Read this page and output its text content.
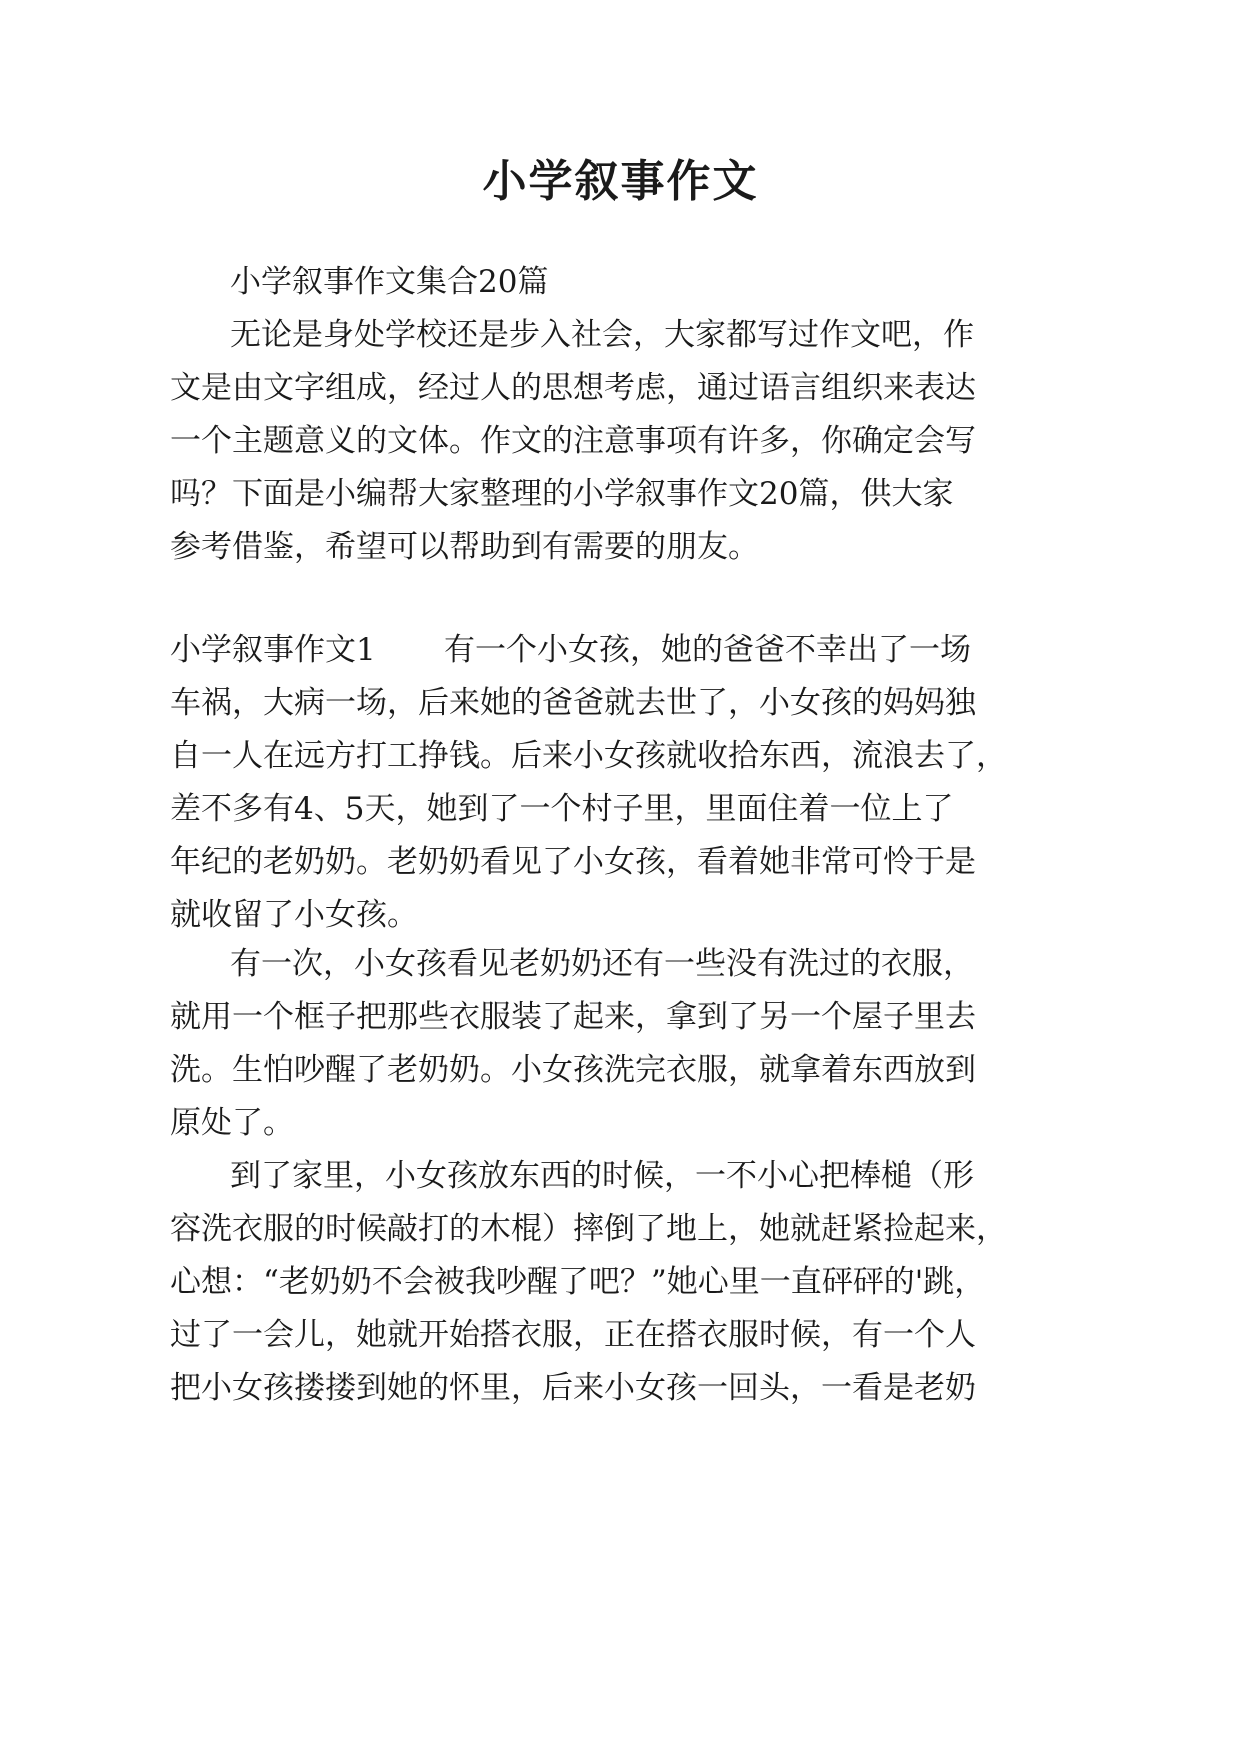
小学叙事作文
小学叙事作文集合20篇
无论是身处学校还是步入社会，大家都写过作文吧，作
文是由文字组成，经过人的思想考虑，通过语言组织来表达
一个主题意义的文体。作文的注意事项有许多，你确定会写
吗？下面是小编帮大家整理的小学叙事作文20篇，供大家
参考借鉴，希望可以帮助到有需要的朋友。
小学叙事作文1 有一个小女孩，她的爸爸不幸出了一场
车祸，大病一场，后来她的爸爸就去世了，小女孩的妈妈独
自一人在远方打工挣钱。后来小女孩就收拾东西，流浪去了，
差不多有4、5天，她到了一个村子里，里面住着一位上了
年纪的老奶奶。老奶奶看见了小女孩，看着她非常可怜于是
就收留了小女孩。
有一次，小女孩看见老奶奶还有一些没有洗过的衣服，
就用一个框子把那些衣服装了起来，拿到了另一个屋子里去
洗。生怕吵醒了老奶奶。小女孩洗完衣服，就拿着东西放到
原处了。
到了家里，小女孩放东西的时候，一不小心把棒槌（形
容洗衣服的时候敲打的木棍）摔倒了地上，她就赶紧捡起来，
心想：“老奶奶不会被我吵醒了吧？”她心里一直砰砰的'跳，
过了一会儿，她就开始搭衣服，正在搭衣服时候，有一个人
把小女孩搂搂到她的怀里，后来小女孩一回头，一看是老奶
